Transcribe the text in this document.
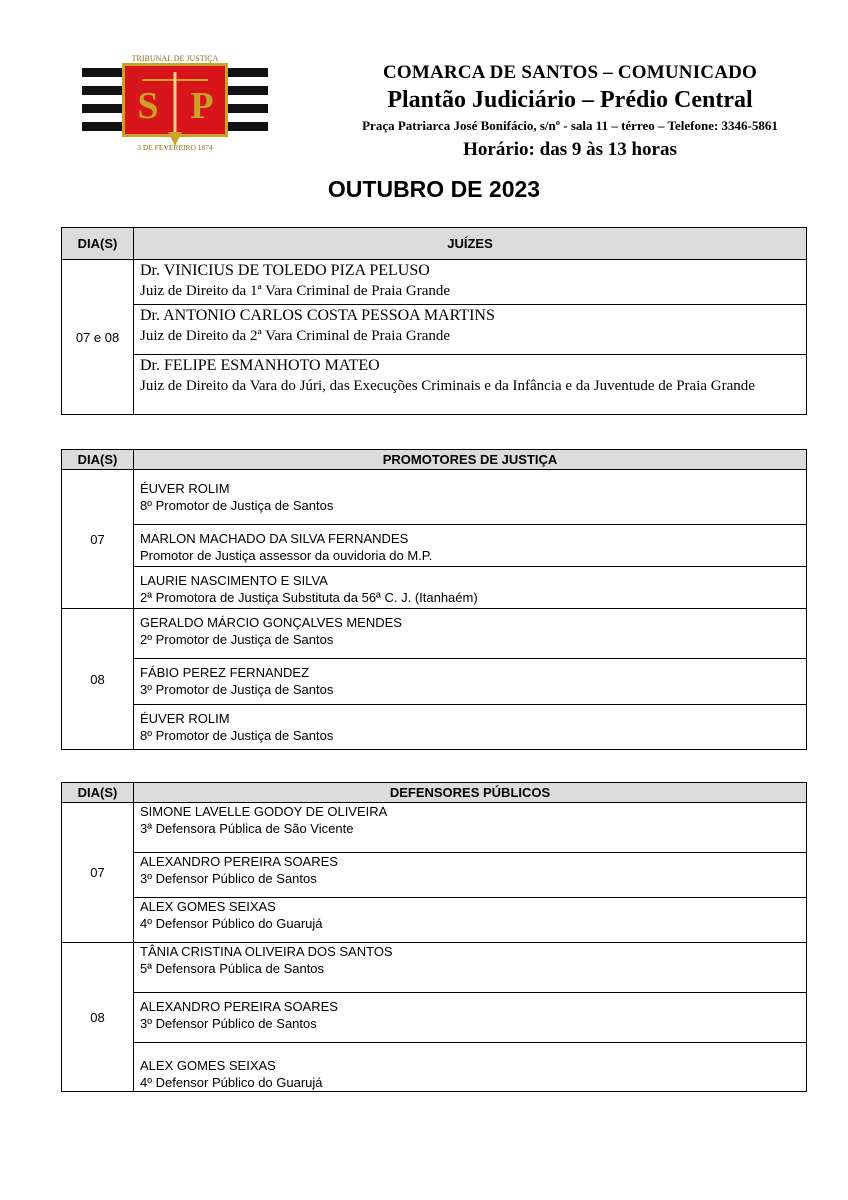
S P
TRIBUNAL DE JUSTIÇA
3 DE FEVEREIRO 1874
COMARCA DE SANTOS – COMUNICADO
Plantão Judiciário – Prédio Central
Praça Patriarca José Bonifácio, s/nº - sala 11 – térreo – Telefone: 3346-5861
Horário: das 9 às 13 horas
OUTUBRO DE 2023
DIA(S)	JUÍZES
07 e 08	Dr. VINICIUS DE TOLEDO PIZA PELUSO
Juiz de Direito da 1ª Vara Criminal de Praia Grande

	Dr. ANTONIO CARLOS COSTA PESSOA MARTINS
Juiz de Direito da 2ª Vara Criminal de Praia Grande

	Dr. FELIPE ESMANHOTO MATEO
Juiz de Direito da Vara do Júri, das Execuções Criminais e da Infância e da Juventude de Praia Grande
DIA(S)	PROMOTORES DE JUSTIÇA
07	ÉUVER ROLIM
8º Promotor de Justiça de Santos

	MARLON MACHADO DA SILVA FERNANDES
Promotor de Justiça assessor da ouvidoria do M.P.

	LAURIE NASCIMENTO E SILVA
2ª Promotora de Justiça Substituta da 56ª C. J. (Itanhaém)

08	GERALDO MÁRCIO GONÇALVES MENDES
2º Promotor de Justiça de Santos

	FÁBIO PEREZ FERNANDEZ
3º Promotor de Justiça de Santos

	ÉUVER ROLIM
8º Promotor de Justiça de Santos
DIA(S)	DEFENSORES PÚBLICOS
07	SIMONE LAVELLE GODOY DE OLIVEIRA
3ª Defensora Pública de São Vicente

	ALEXANDRO PEREIRA SOARES
3º Defensor Público de Santos

	ALEX GOMES SEIXAS
4º Defensor Público do Guarujá

08	TÂNIA CRISTINA OLIVEIRA DOS SANTOS
5ª Defensora Pública de Santos

	ALEXANDRO PEREIRA SOARES
3º Defensor Público de Santos

	ALEX GOMES SEIXAS
4º Defensor Público do Guarujá
